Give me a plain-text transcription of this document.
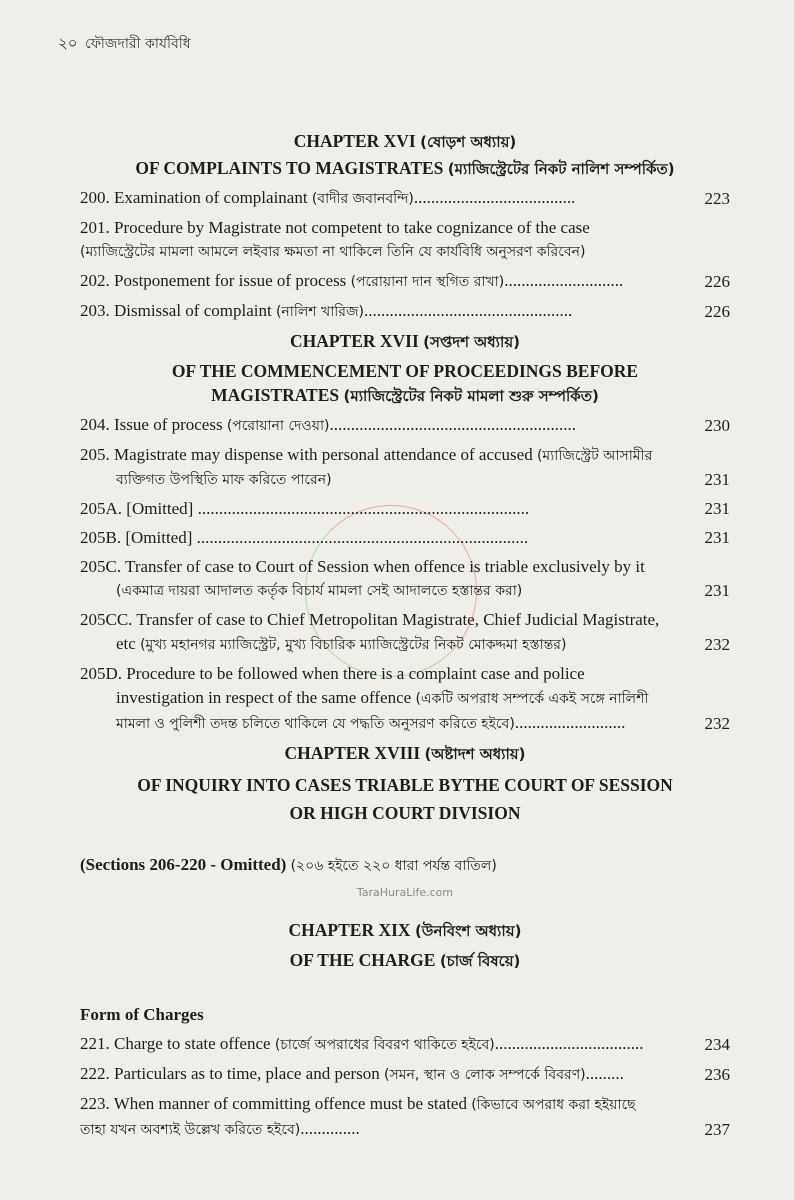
২০ ফৌজদারী কার্যবিধি
CHAPTER XVI (ষোড়শ অধ্যায়)
OF COMPLAINTS TO MAGISTRATES (ম্যাজিস্ট্রেটের নিকট নালিশ সম্পর্কিত)
200. Examination of complainant (বাদীর জবানবন্দি)......................................	223
201. Procedure by Magistrate not competent to take cognizance of the case
(ম্যাজিস্ট্রেটের মামলা আমলে লইবার ক্ষমতা না থাকিলে তিনি যে কার্যবিধি অনুসরণ করিবেন)
202. Postponement for issue of process (পরোয়ানা দান স্থগিত রাখা)............................	226
203. Dismissal of complaint (নালিশ খারিজ).................................................	226
CHAPTER XVII (সপ্তদশ অধ্যায়)
OF THE COMMENCEMENT OF PROCEEDINGS BEFORE
MAGISTRATES (ম্যাজিস্ট্রেটের নিকট মামলা শুরু সম্পর্কিত)
204. Issue of process (পরোয়ানা দেওয়া)..........................................................	230
205. Magistrate may dispense with personal attendance of accused (ম্যাজিস্ট্রেট আসামীর
ব্যক্তিগত উপস্থিতি মাফ করিতে পারেন)	231
205A. [Omitted] ..............................................................................	231
205B. [Omitted] ..............................................................................	231
205C. Transfer of case to Court of Session when offence is triable exclusively by it
(একমাত্র দায়রা আদালত কর্তৃক বিচার্য মামলা সেই আদালতে হস্তান্তর করা)	231
205CC. Transfer of case to Chief Metropolitan Magistrate, Chief Judicial Magistrate,
etc (মুখ্য মহানগর ম্যাজিস্ট্রেট, মুখ্য বিচারিক ম্যাজিস্ট্রেটের নিকট মোকদ্দমা হস্তান্তর)	232
205D. Procedure to be followed when there is a complaint case and police
investigation in respect of the same offence (একটি অপরাধ সম্পর্কে একই সঙ্গে নালিশী
মামলা ও পুলিশী তদন্ত চলিতে থাকিলে যে পদ্ধতি অনুসরণ করিতে হইবে)..........................	232
CHAPTER XVIII (অষ্টাদশ অধ্যায়)
OF INQUIRY INTO CASES TRIABLE BYTHE COURT OF SESSION
OR HIGH COURT DIVISION
(Sections 206-220 - Omitted) (২০৬ হইতে ২২০ ধারা পর্যন্ত বাতিল)
TaraHuraLife.com
CHAPTER XIX (উনবিংশ অধ্যায়)
OF THE CHARGE (চার্জ বিষয়ে)
Form of Charges
221. Charge to state offence (চার্জে অপরাধের বিবরণ থাকিতে হইবে)...................................	234
222. Particulars as to time, place and person (সমন, স্থান ও লোক সম্পর্কে বিবরণ).........	236
223. When manner of committing offence must be stated (কিভাবে অপরাধ করা হইয়াছে
তাহা যখন অবশ্যই উল্লেখ করিতে হইবে)..............	237
